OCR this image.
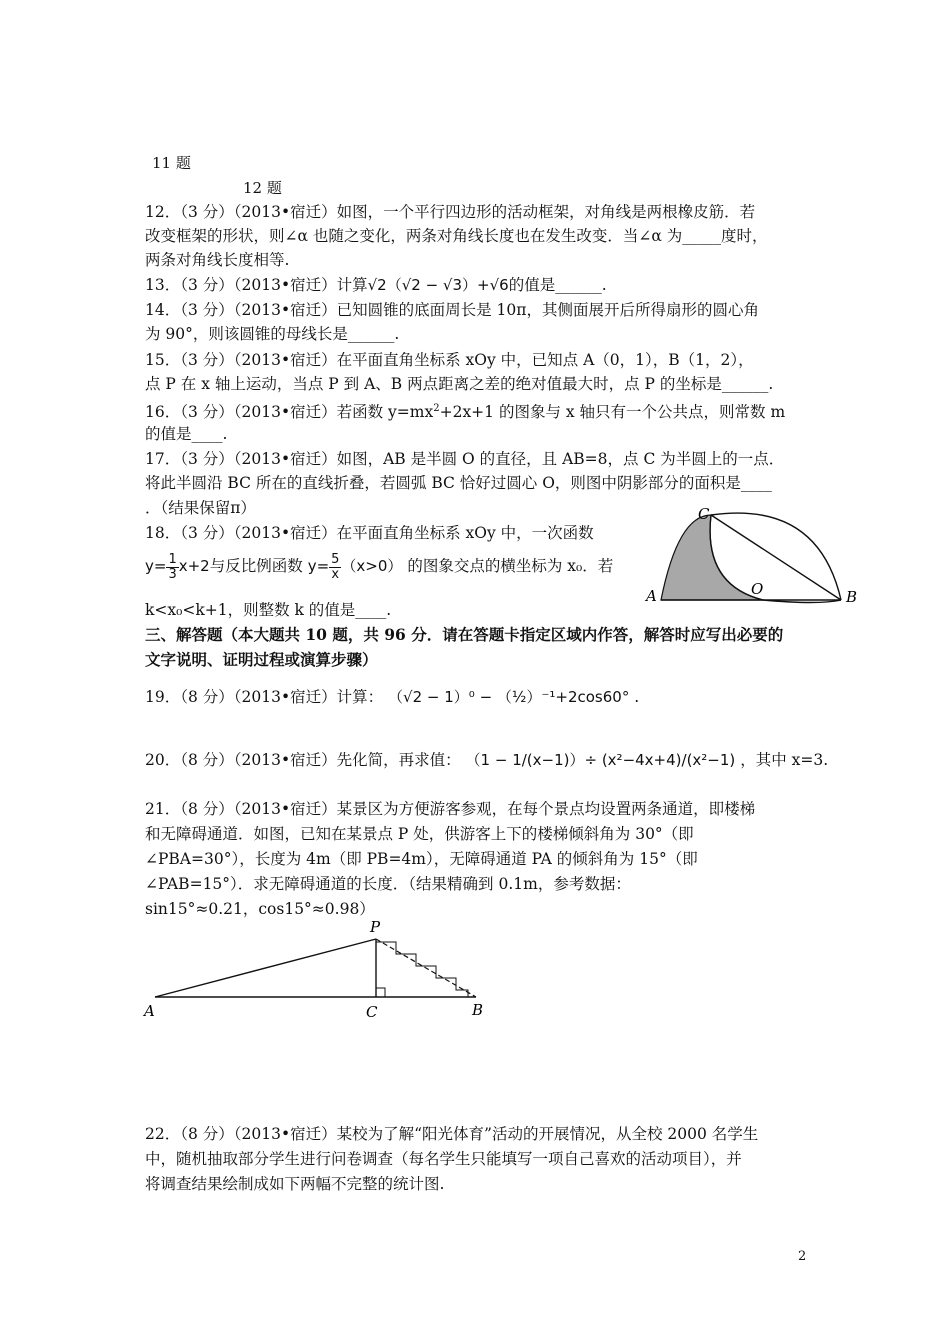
11 题
12 题
12．（3 分）（2013•宿迁）如图，一个平行四边形的活动框架，对角线是两根橡皮筋．若
改变框架的形状，则∠α 也随之变化，两条对角线长度也在发生改变．当∠α 为_____度时，
两条对角线长度相等.
13．（3 分）（2013•宿迁）计算√2（√2 − √3）+√6的值是______.
14．（3 分）（2013•宿迁）已知圆锥的底面周长是 10π，其侧面展开后所得扇形的圆心角
为 90°，则该圆锥的母线长是______.
15．（3 分）（2013•宿迁）在平面直角坐标系 xOy 中，已知点 A（0，1），B（1，2），
点 P 在 x 轴上运动，当点 P 到 A、B 两点距离之差的绝对值最大时，点 P 的坐标是______.
16．（3 分）（2013•宿迁）若函数 $y=mx^2+2x+1$ 的图象与 x 轴只有一个公共点，则常数 m
的值是____.
17．（3 分）（2013•宿迁）如图，AB 是半圆 O 的直径，且 AB=8，点 C 为半圆上的一点．
将此半圆沿 BC 所在的直线折叠，若圆弧 BC 恰好过圆心 O，则图中阴影部分的面积是____
．（结果保留π）
18．（3 分）（2013•宿迁）在平面直角坐标系 xOy 中，一次函数
$y= \frac{1}{3} x+2$与反比例函数 $y= \frac{5}{x} (x>0)$ 的图象交点的横坐标为 x₀．若
k<x₀<k+1，则整数 k 的值是____.
三、解答题（本大题共 10 题，共 96 分．请在答题卡指定区域内作答，解答时应写出必要的
文字说明、证明过程或演算步骤）
19．（8 分）（2013•宿迁）计算： （√2 − 1）⁰ − （½）⁻¹+2cos60° .
20．（8 分）（2013•宿迁）先化简，再求值： （1 − 1/(x−1)）÷ (x²−4x+4)/(x²−1) ，其中 x=3.
21．（8 分）（2013•宿迁）某景区为方便游客参观，在每个景点均设置两条通道，即楼梯
和无障碍通道．如图，已知在某景点 P 处，供游客上下的楼梯倾斜角为 30°（即
∠PBA=30°），长度为 4m（即 PB=4m），无障碍通道 PA 的倾斜角为 15°（即
∠PAB=15°）．求无障碍通道的长度．（结果精确到 0.1m，参考数据：
sin15°≈0.21，cos15°≈0.98）
22．（8 分）（2013•宿迁）某校为了解“阳光体育”活动的开展情况，从全校 2000 名学生
中，随机抽取部分学生进行问卷调查（每名学生只能填写一项自己喜欢的活动项目），并
将调查结果绘制成如下两幅不完整的统计图.
C
O
A	B
P
A	C	B
2
